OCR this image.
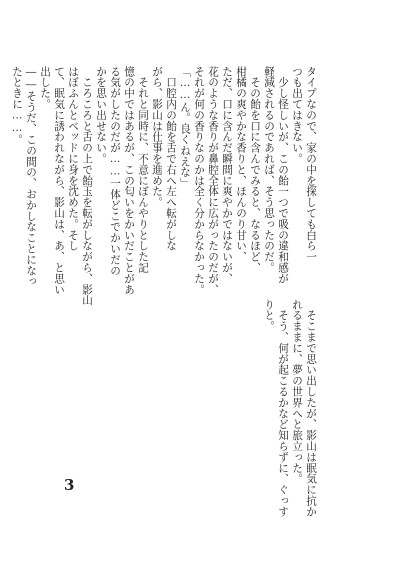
タイプなので、家の中を探しても白ら一
つも出てはきない。
　少し怪しいが、この飴一つで吸の違和感が
軽減されるのであれば、そう思ったのだ。
　その飴を口に含んでみると、なるほど、
柑橘の爽やかな香りと、ほんのり甘い、
ただ、口に含んだ瞬間に爽やかではないが、
花のような香りが鼻腔全体に広がったのだが、
それが何の香りなのかは全く分からなかった。
「……ん。良くねえな」
　口腔内の飴を舌で右へ左へ転がしな
がら、影山は仕事を進めた。
　それと同時に、不意にぼんやりとした記
憶の中ではあるが、この匂いをかいだことがあ
る気がしたのだが……一体どこでかいだの
かを思い出せない。
　ころころと舌の上で飴玉を転がしながら、影山
はぼふんとベッドに身を沈めた。そし
て、眠気に誘われながら、影山は、あ、と思い
出した。
――そうだ、この間の、おかしなことになっ
たときに……。
　そこまで思い出したが、影山は眠気に抗か
れるままに、夢の世界へと旅立った。
　そう、何が起こるかなど知らずに、ぐっす
りと。
3
